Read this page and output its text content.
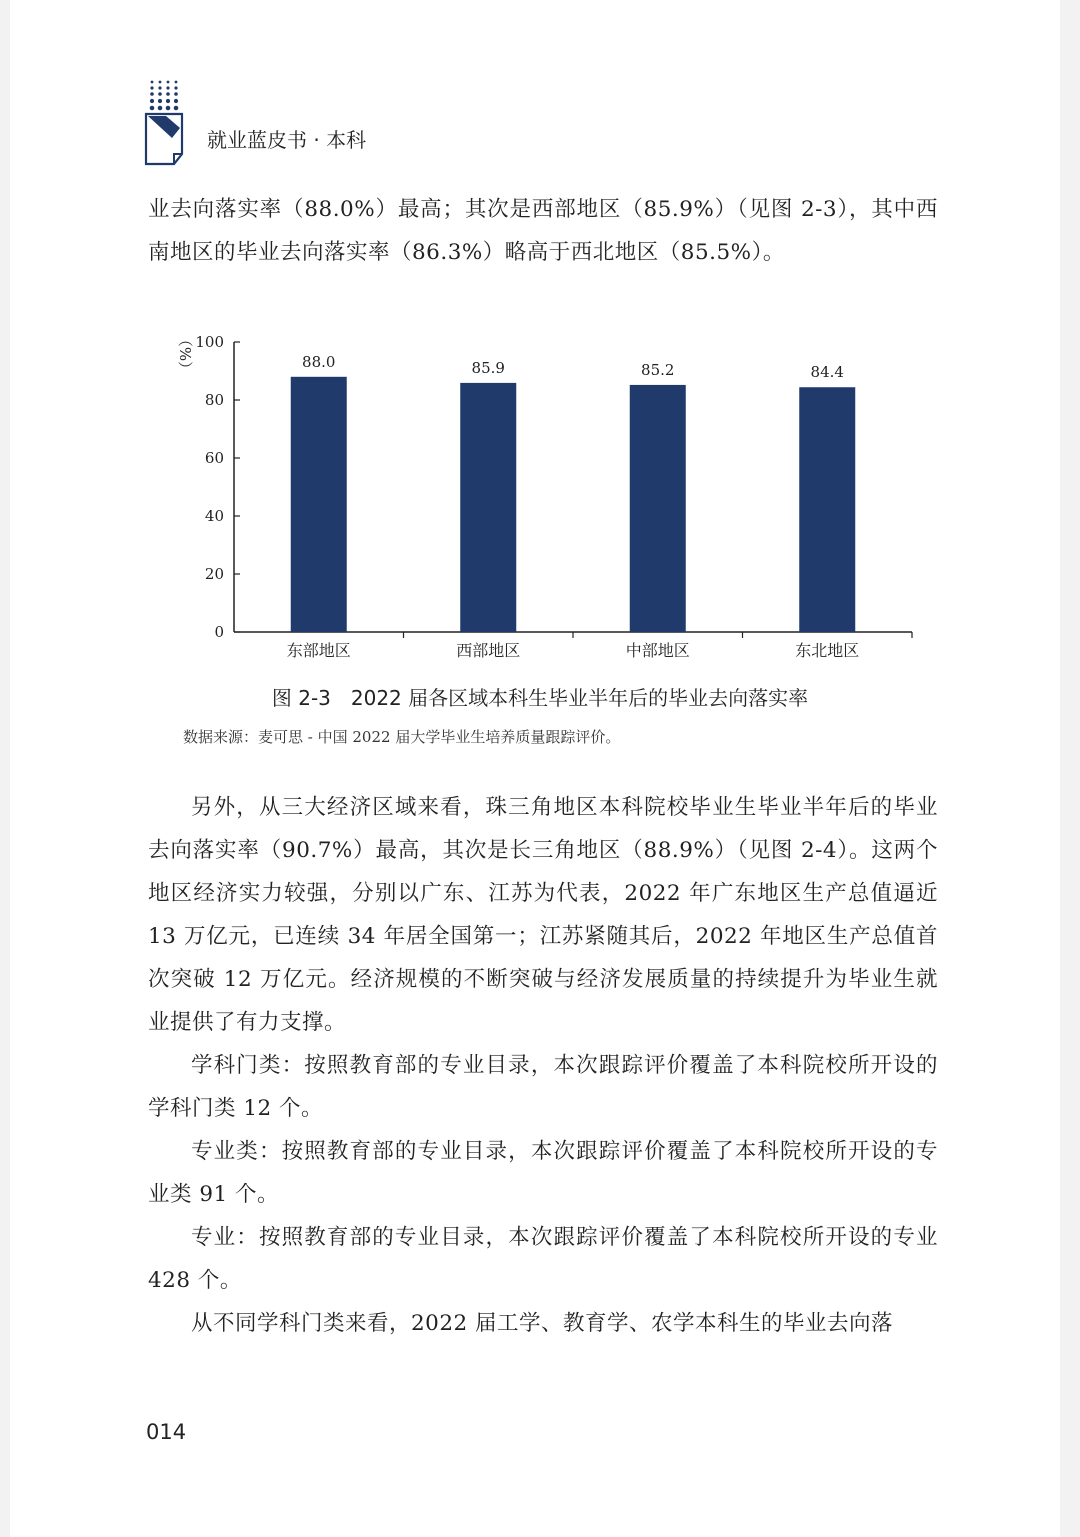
就业蓝皮书 · 本科

业去向落实率（88.0%）最高；其次是西部地区（85.9%）（见图 2-3），其中西南地区的毕业去向落实率（86.3%）略高于西北地区（85.5%）。

0
20
40
60
80
100
（%）	88.0
东部地区
85.9
西部地区
85.2
中部地区
84.4
东北地区
图 2-3　2022 届各区域本科生毕业半年后的毕业去向落实率
数据来源：麦可思 - 中国 2022 届大学毕业生培养质量跟踪评价。

另外，从三大经济区域来看，珠三角地区本科院校毕业生毕业半年后的毕业去向落实率（90.7%）最高，其次是长三角地区（88.9%）（见图 2-4）。这两个地区经济实力较强，分别以广东、江苏为代表，2022 年广东地区生产总值逼近 13 万亿元，已连续 34 年居全国第一；江苏紧随其后，2022 年地区生产总值首次突破 12 万亿元。经济规模的不断突破与经济发展质量的持续提升为毕业生就业提供了有力支撑。

学科门类：按照教育部的专业目录，本次跟踪评价覆盖了本科院校所开设的学科门类 12 个。

专业类：按照教育部的专业目录，本次跟踪评价覆盖了本科院校所开设的专业类 91 个。

专业：按照教育部的专业目录，本次跟踪评价覆盖了本科院校所开设的专业 428 个。

从不同学科门类来看，2022 届工学、教育学、农学本科生的毕业去向落

014
